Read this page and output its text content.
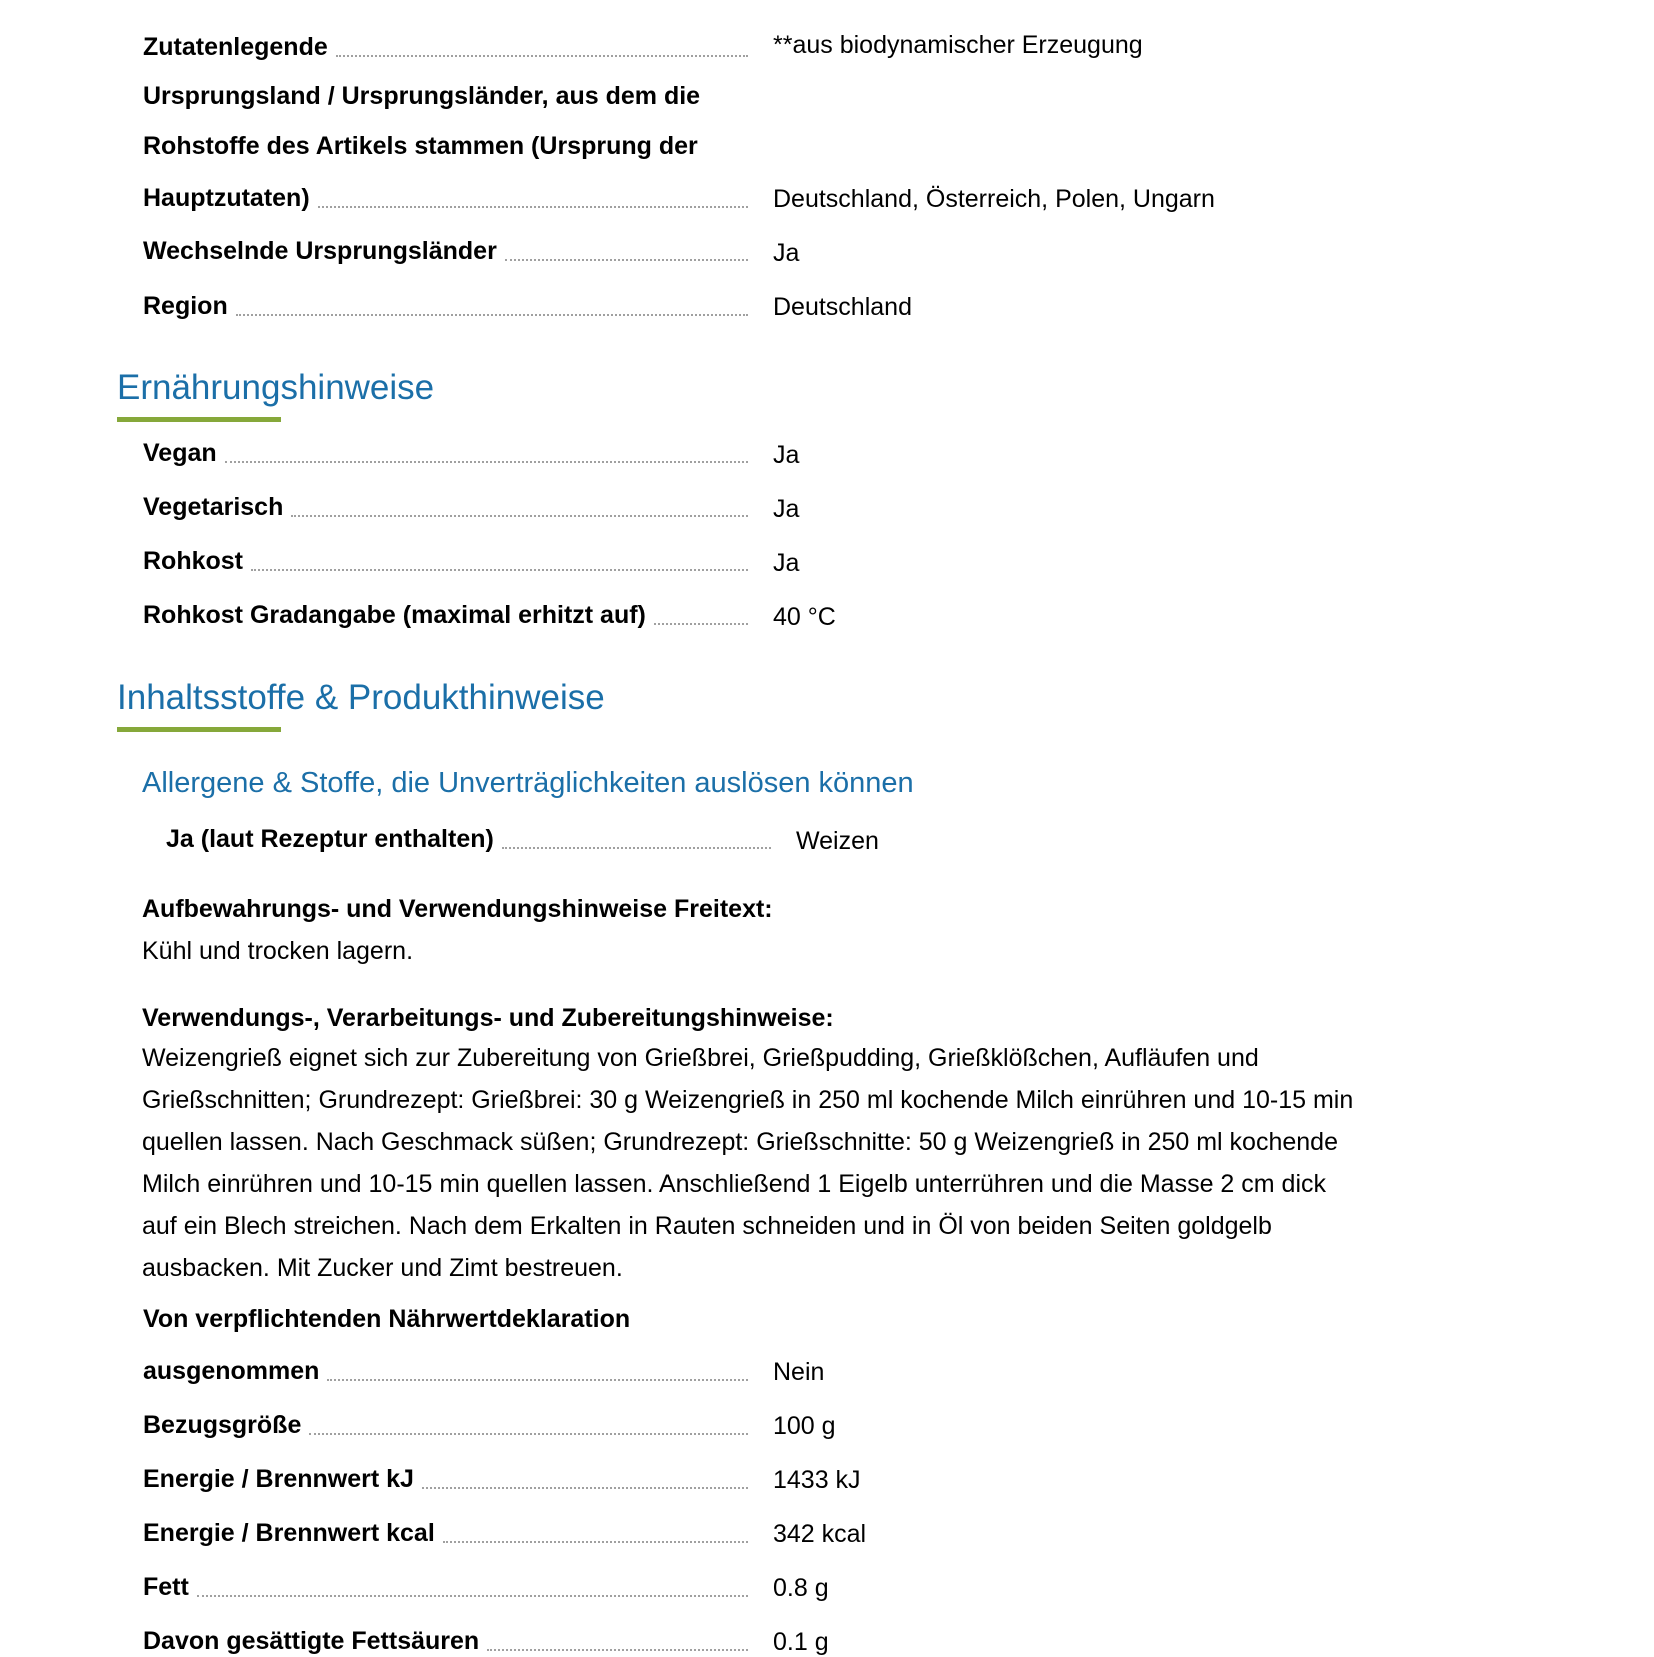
Zutatenlegende	**aus biodynamischer Erzeugung
Ursprungsland / Ursprungsländer, aus dem die
Rohstoffe des Artikels stammen (Ursprung der
Hauptzutaten)	Deutschland, Österreich, Polen, Ungarn
Wechselnde Ursprungsländer	Ja
Region	Deutschland
Ernährungshinweise
Vegan	Ja
Vegetarisch	Ja
Rohkost	Ja
Rohkost Gradangabe (maximal erhitzt auf)	40 °C
Inhaltsstoffe & Produkthinweise
Allergene & Stoffe, die Unverträglichkeiten auslösen können
Ja (laut Rezeptur enthalten)	Weizen
Aufbewahrungs- und Verwendungshinweise Freitext:
Kühl und trocken lagern.
Verwendungs-, Verarbeitungs- und Zubereitungshinweise:
Weizengrieß eignet sich zur Zubereitung von Grießbrei, Grießpudding, Grießklößchen, Aufläufen und
Grießschnitten; Grundrezept: Grießbrei: 30 g Weizengrieß in 250 ml kochende Milch einrühren und 10-15 min
quellen lassen. Nach Geschmack süßen; Grundrezept: Grießschnitte: 50 g Weizengrieß in 250 ml kochende
Milch einrühren und 10-15 min quellen lassen. Anschließend 1 Eigelb unterrühren und die Masse 2 cm dick
auf ein Blech streichen. Nach dem Erkalten in Rauten schneiden und in Öl von beiden Seiten goldgelb
ausbacken. Mit Zucker und Zimt bestreuen.
Von verpflichtenden Nährwertdeklaration
ausgenommen	Nein
Bezugsgröße	100 g
Energie / Brennwert kJ	1433 kJ
Energie / Brennwert kcal	342 kcal
Fett	0.8 g
Davon gesättigte Fettsäuren	0.1 g
